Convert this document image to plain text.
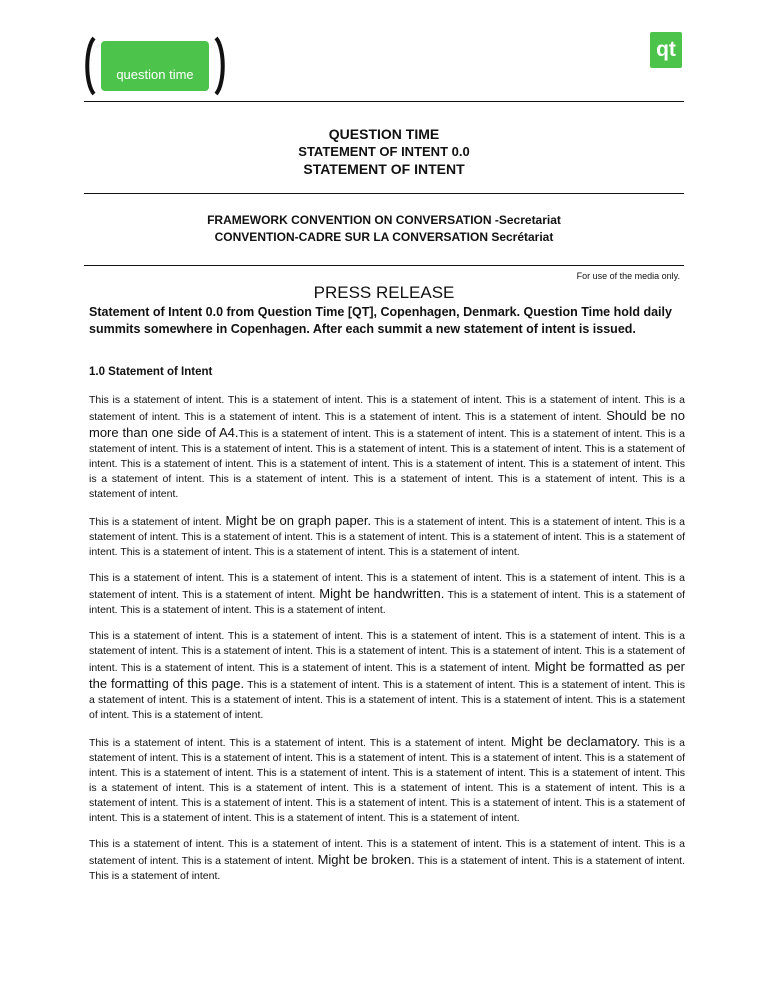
question time
qt
QUESTION TIME
STATEMENT OF INTENT 0.0
STATEMENT OF INTENT
FRAMEWORK CONVENTION ON CONVERSATION -Secretariat
CONVENTION-CADRE SUR LA CONVERSATION Secrétariat
For use of the media only.
PRESS RELEASE
Statement of Intent 0.0 from Question Time [QT], Copenhagen, Denmark. Question Time hold daily summits somewhere in Copenhagen. After each summit a new statement of intent is issued.
1.0 Statement of Intent

This is a statement of intent. This is a statement of intent. This is a statement of intent. This is a statement of intent. This is a statement of intent. This is a statement of intent. This is a statement of intent. This is a statement of intent. Should be no more than one side of A4.This is a statement of intent. This is a statement of intent. This is a statement of intent. This is a statement of intent. This is a statement of intent. This is a statement of intent. This is a statement of intent. This is a statement of intent. This is a statement of intent. This is a statement of intent. This is a statement of intent. This is a statement of intent. This is a statement of intent. This is a statement of intent. This is a statement of intent. This is a statement of intent. This is a statement of intent.

This is a statement of intent. Might be on graph paper. This is a statement of intent. This is a statement of intent. This is a statement of intent. This is a statement of intent. This is a statement of intent. This is a statement of intent. This is a statement of intent. This is a statement of intent. This is a statement of intent. This is a statement of intent.

This is a statement of intent. This is a statement of intent. This is a statement of intent. This is a statement of intent. This is a statement of intent. This is a statement of intent. Might be handwritten. This is a statement of intent. This is a statement of intent. This is a statement of intent. This is a statement of intent.

This is a statement of intent. This is a statement of intent. This is a statement of intent. This is a statement of intent. This is a statement of intent. This is a statement of intent. This is a statement of intent. This is a statement of intent. This is a statement of intent. This is a statement of intent. This is a statement of intent. This is a statement of intent. Might be formatted as per the formatting of this page. This is a statement of intent. This is a statement of intent. This is a statement of intent. This is a statement of intent. This is a statement of intent. This is a statement of intent. This is a statement of intent. This is a statement of intent. This is a statement of intent.

This is a statement of intent. This is a statement of intent. This is a statement of intent. Might be declamatory. This is a statement of intent. This is a statement of intent. This is a statement of intent. This is a statement of intent. This is a statement of intent. This is a statement of intent. This is a statement of intent. This is a statement of intent. This is a statement of intent. This is a statement of intent. This is a statement of intent. This is a statement of intent. This is a statement of intent. This is a statement of intent. This is a statement of intent. This is a statement of intent. This is a statement of intent. This is a statement of intent. This is a statement of intent. This is a statement of intent. This is a statement of intent.

This is a statement of intent. This is a statement of intent. This is a statement of intent. This is a statement of intent. This is a statement of intent. This is a statement of intent. Might be broken. This is a statement of intent. This is a statement of intent. This is a statement of intent.
